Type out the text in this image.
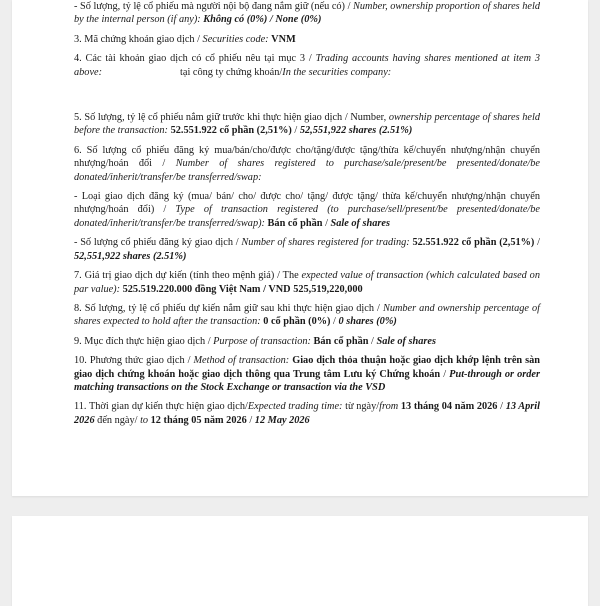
- Số lượng, tỷ lệ cổ phiếu mà người nội bộ đang nắm giữ (nếu có) / Number, ownership proportion of shares held by the internal person (if any): Không có (0%) / None (0%)

3. Mã chứng khoán giao dịch / Securities code: VNM

4. Các tài khoản giao dịch có cổ phiếu nêu tại mục 3 / Trading accounts having shares mentioned at item 3 above:	tại công ty chứng khoán/In the securities company:

5. Số lượng, tỷ lệ cổ phiếu nắm giữ trước khi thực hiện giao dịch / Number, ownership percentage of shares held before the transaction: 52.551.922 cổ phần (2,51%) / 52,551,922 shares (2.51%)

6. Số lượng cổ phiếu đăng ký mua/bán/cho/được cho/tặng/được tặng/thừa kế/chuyển nhượng/nhận chuyển nhượng/hoán đổi / Number of shares registered to purchase/sale/present/be presented/donate/be donated/inherit/transfer/be transferred/swap:

- Loại giao dịch đăng ký (mua/ bán/ cho/ được cho/ tặng/ được tặng/ thừa kế/chuyển nhượng/nhận chuyển nhượng/hoán đổi) / Type of transaction registered (to purchase/sell/present/be presented/donate/be donated/inherit/transfer/be transferred/swap): Bán cổ phần / Sale of shares

- Số lượng cổ phiếu đăng ký giao dịch / Number of shares registered for trading: 52.551.922 cổ phần (2,51%) / 52,551,922 shares (2.51%)

7. Giá trị giao dịch dự kiến (tính theo mệnh giá) / The expected value of transaction (which calculated based on par value): 525.519.220.000 đồng Việt Nam / VND 525,519,220,000

8. Số lượng, tỷ lệ cổ phiếu dự kiến nắm giữ sau khi thực hiện giao dịch / Number and ownership percentage of shares expected to hold after the transaction: 0 cổ phần (0%) / 0 shares (0%)

9. Mục đích thực hiện giao dịch / Purpose of transaction: Bán cổ phần / Sale of shares

10. Phương thức giao dịch / Method of transaction: Giao dịch thỏa thuận hoặc giao dịch khớp lệnh trên sàn giao dịch chứng khoán hoặc giao dịch thông qua Trung tâm Lưu ký Chứng khoán / Put-through or order matching transactions on the Stock Exchange or transaction via the VSD

11. Thời gian dự kiến thực hiện giao dịch/Expected trading time: từ ngày/from 13 tháng 04 năm 2026 / 13 April 2026 đến ngày/ to 12 tháng 05 năm 2026 / 12 May 2026
